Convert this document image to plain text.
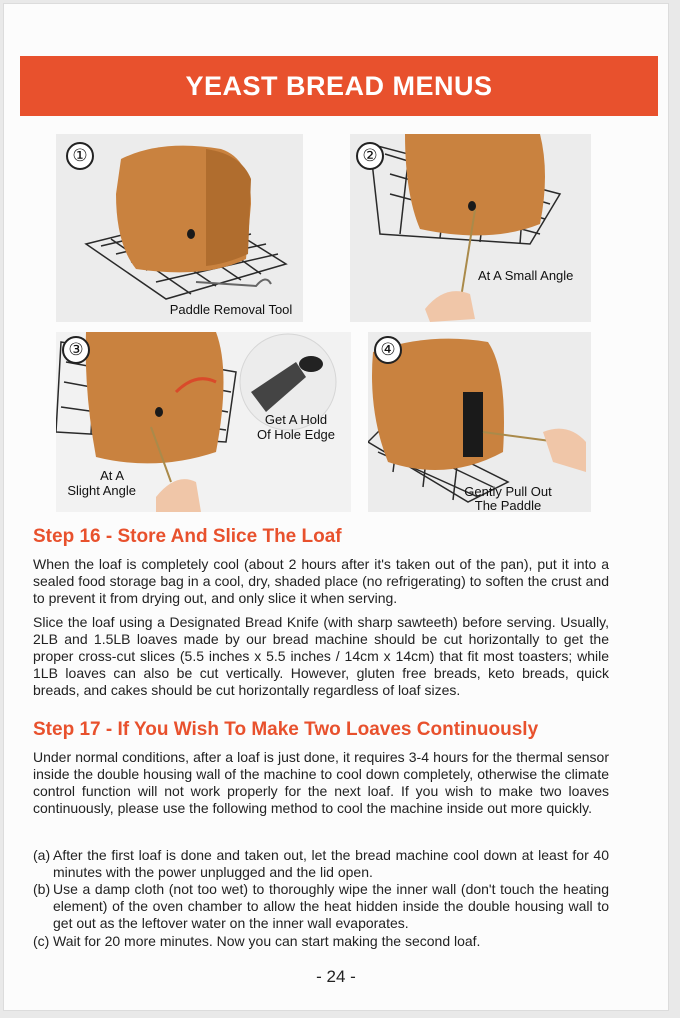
YEAST BREAD MENUS
①
Paddle Removal Tool
②
At A Small Angle
③
Get A Hold
Of Hole Edge
At A
Slight Angle
④
Gently Pull Out
The Paddle
Step 16 - Store And Slice The Loaf

When the loaf is completely cool (about 2 hours after it's taken out of the pan), put it into a sealed food storage bag in a cool, dry, shaded place (no refrigerating) to soften the crust and to prevent it from drying out, and only slice it when serving.

Slice the loaf using a Designated Bread Knife (with sharp sawteeth) before serving. Usually, 2LB and 1.5LB loaves made by our bread machine should be cut horizontally to get the proper cross-cut slices (5.5 inches x 5.5 inches / 14cm x 14cm) that fit most toasters; while 1LB loaves can also be cut vertically. However, gluten free breads, keto breads, quick breads, and cakes should be cut horizontally regardless of loaf sizes.

Step 17 - If You Wish To Make Two Loaves Continuously

Under normal conditions, after a loaf is just done, it requires 3-4 hours for the thermal sensor inside the double housing wall of the machine to cool down completely, otherwise the climate control function will not work properly for the next loaf. If you wish to make two loaves continuously, please use the following method to cool the machine inside out more quickly.

(a) After the first loaf is done and taken out, let the bread machine cool down at least for 40 minutes with the power unplugged and the lid open.
(b) Use a damp cloth (not too wet) to thoroughly wipe the inner wall (don't touch the heating element) of the oven chamber to allow the heat hidden inside the double housing wall to get out as the leftover water on the inner wall evaporates.
(c) Wait for 20 more minutes. Now you can start making the second loaf.
- 24 -
